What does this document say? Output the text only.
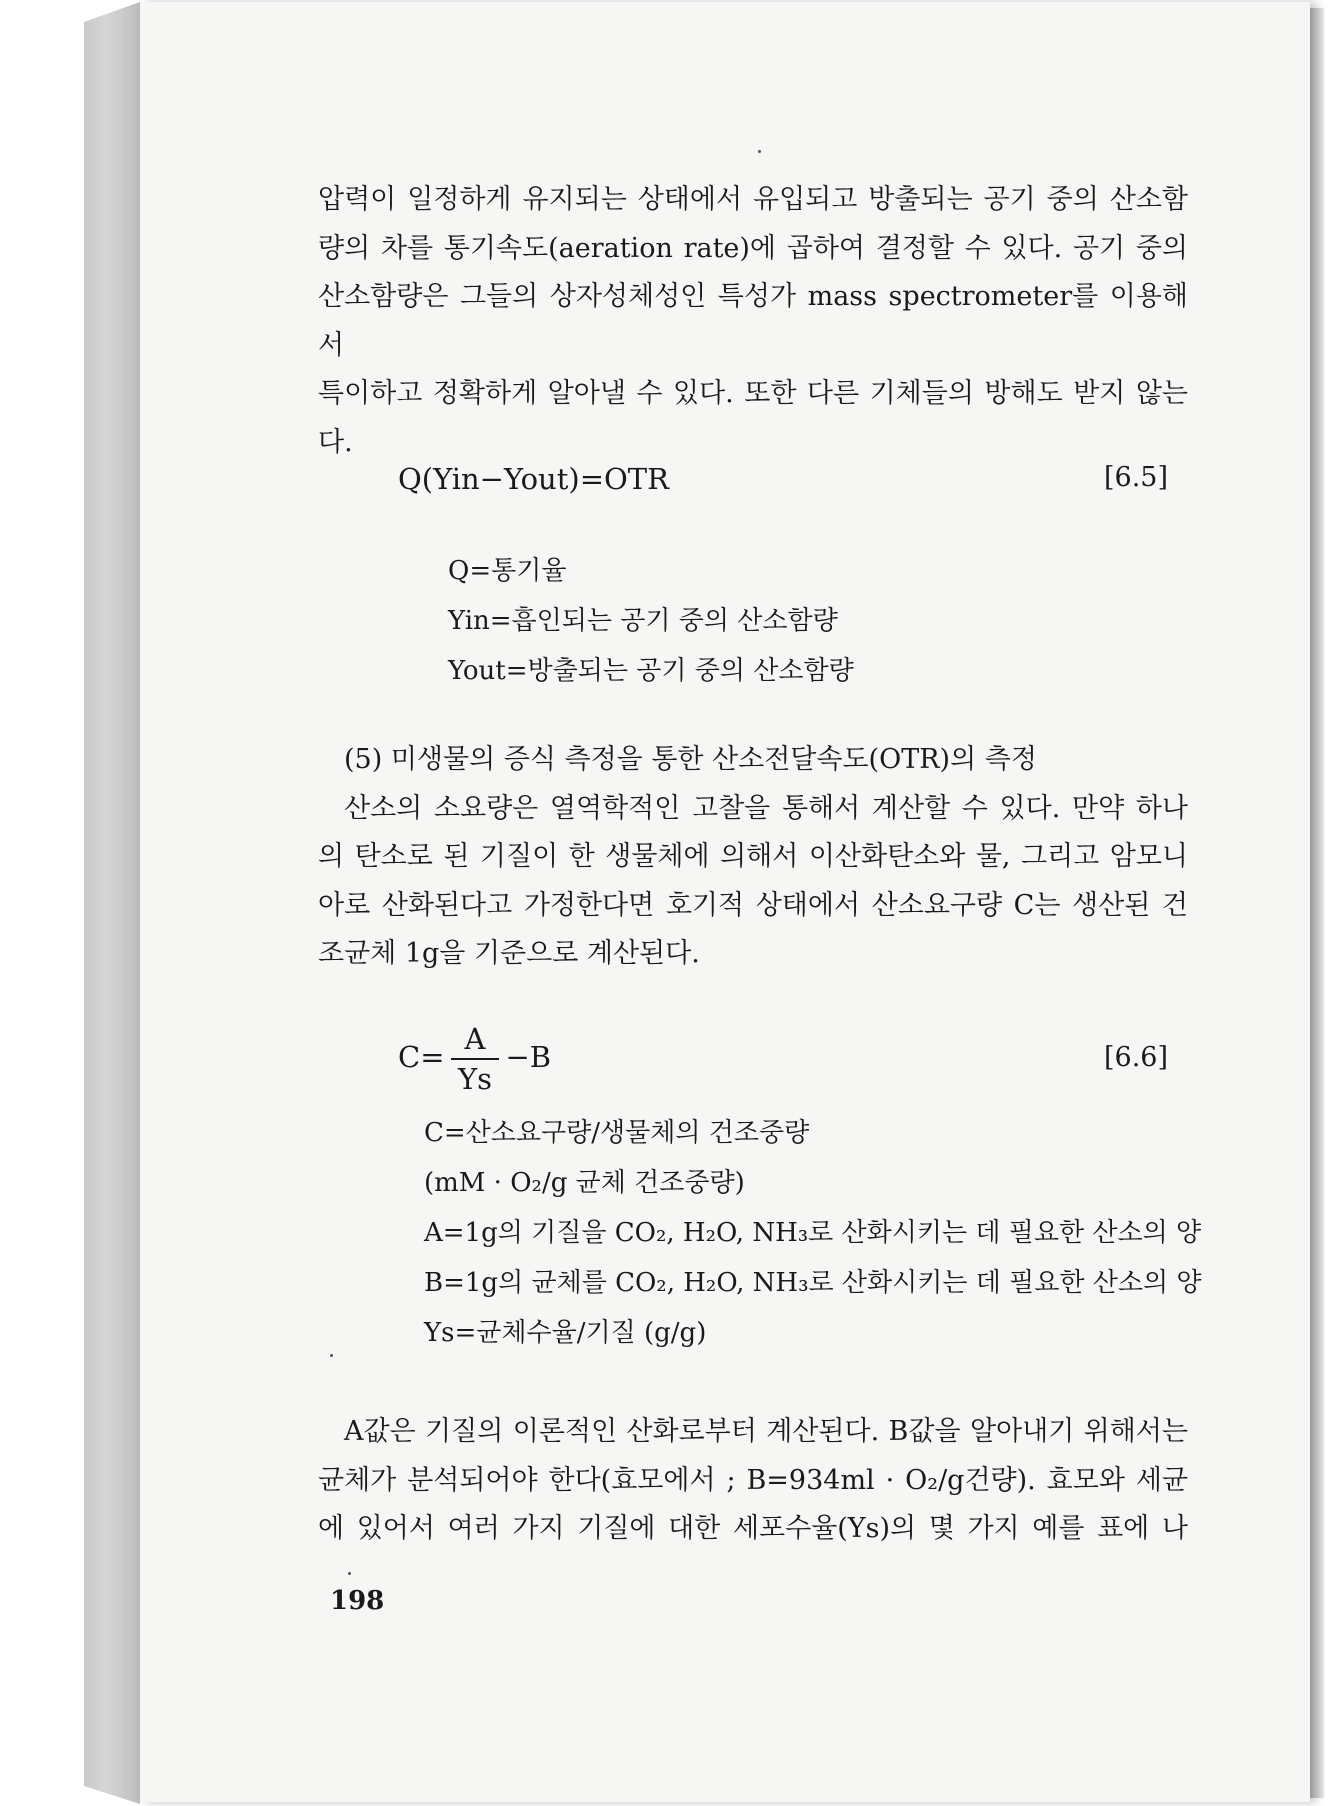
압력이 일정하게 유지되는 상태에서 유입되고 방출되는 공기 중의 산소함

량의 차를 통기속도(aeration rate)에 곱하여 결정할 수 있다. 공기 중의

산소함량은 그들의 상자성체성인 특성가 mass spectrometer를 이용해서

특이하고 정확하게 알아낼 수 있다. 또한 다른 기체들의 방해도 받지 않는

다.

Q(Yin−Yout)=OTR	[6.5]
Q=통기율
Yin=흡인되는 공기 중의 산소함량
Yout=방출되는 공기 중의 산소함량

(5) 미생물의 증식 측정을 통한 산소전달속도(OTR)의 측정

산소의 소요량은 열역학적인 고찰을 통해서 계산할 수 있다. 만약 하나

의 탄소로 된 기질이 한 생물체에 의해서 이산화탄소와 물, 그리고 암모니

아로 산화된다고 가정한다면 호기적 상태에서 산소요구량 C는 생산된 건

조균체 1g을 기준으로 계산된다.

$C= \frac{A}{Ys} -B$	[6.6]
C=산소요구량/생물체의 건조중량
(mM · O₂/g 균체 건조중량)
A=1g의 기질을 CO₂, H₂O, NH₃로 산화시키는 데 필요한 산소의 양
B=1g의 균체를 CO₂, H₂O, NH₃로 산화시키는 데 필요한 산소의 양
Ys=균체수율/기질 (g/g)

A값은 기질의 이론적인 산화로부터 계산된다. B값을 알아내기 위해서는

균체가 분석되어야 한다(효모에서 ; B=934ml · O₂/g건량). 효모와 세균

에 있어서 여러 가지 기질에 대한 세포수율(Ys)의 몇 가지 예를 표에 나

198
